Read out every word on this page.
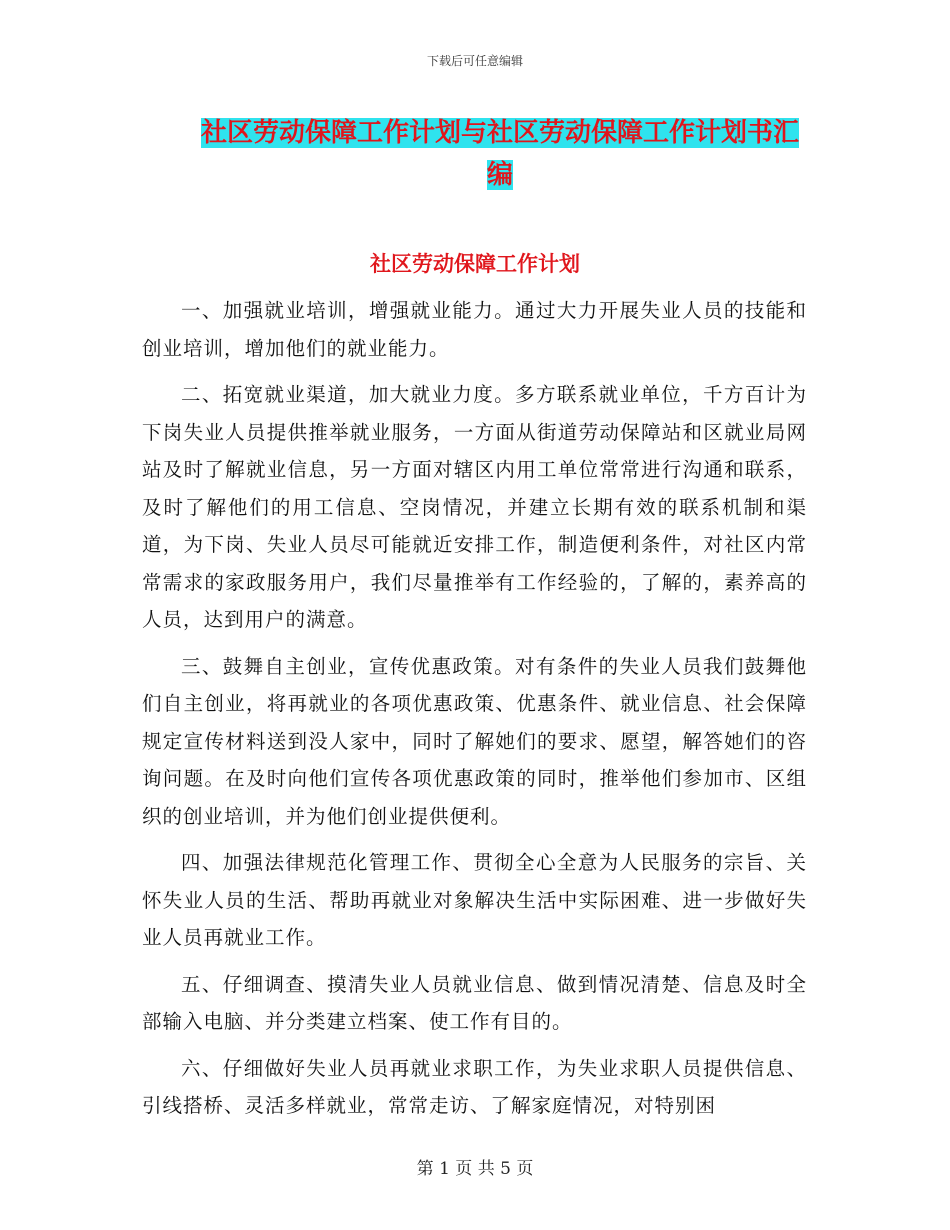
下载后可任意编辑
社区劳动保障工作计划与社区劳动保障工作计划书汇编
社区劳动保障工作计划

一、加强就业培训，增强就业能力。通过大力开展失业人员的技能和创业培训，增加他们的就业能力。

二、拓宽就业渠道，加大就业力度。多方联系就业单位，千方百计为下岗失业人员提供推举就业服务，一方面从街道劳动保障站和区就业局网站及时了解就业信息，另一方面对辖区内用工单位常常进行沟通和联系，及时了解他们的用工信息、空岗情况，并建立长期有效的联系机制和渠道，为下岗、失业人员尽可能就近安排工作，制造便利条件，对社区内常常需求的家政服务用户，我们尽量推举有工作经验的，了解的，素养高的人员，达到用户的满意。

三、鼓舞自主创业，宣传优惠政策。对有条件的失业人员我们鼓舞他们自主创业，将再就业的各项优惠政策、优惠条件、就业信息、社会保障规定宣传材料送到没人家中，同时了解她们的要求、愿望，解答她们的咨询问题。在及时向他们宣传各项优惠政策的同时，推举他们参加市、区组织的创业培训，并为他们创业提供便利。

四、加强法律规范化管理工作、贯彻全心全意为人民服务的宗旨、关怀失业人员的生活、帮助再就业对象解决生活中实际困难、进一步做好失业人员再就业工作。

五、仔细调查、摸清失业人员就业信息、做到情况清楚、信息及时全部输入电脑、并分类建立档案、使工作有目的。

六、仔细做好失业人员再就业求职工作，为失业求职人员提供信息、引线搭桥、灵活多样就业，常常走访、了解家庭情况，对特别困

第 1 页 共 5 页
